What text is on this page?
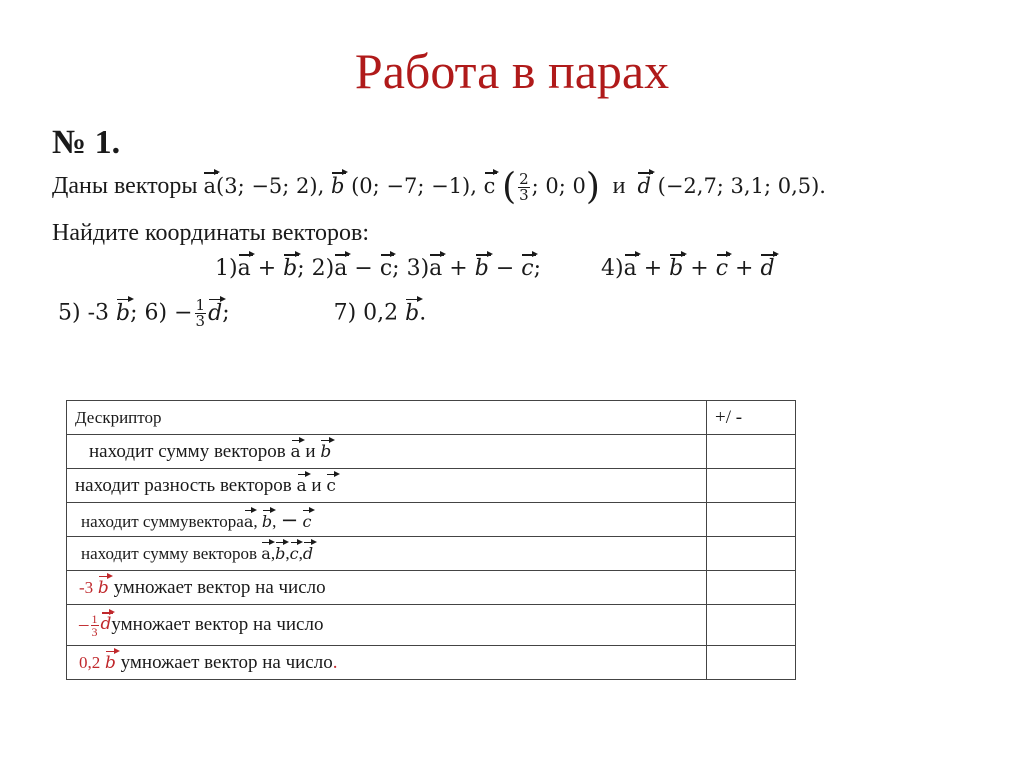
Работа в парах
№ 1.
Даны векторы a(3; −5; 2), b (0; −7; −1), c ( $\frac{2}{3}$ ; 0; 0) и d (−2,7; 3,1; 0,5).
Найдите координаты векторов:
1)a + b; 2)a − c; 3)a + b − c;	4)a + b + c + d
5) -3 b; $6) - \frac{1}{3} d$;	7) 0,2 b.
Дескриптор	+/ -
находит сумму векторов a и b	
находит разность векторов a и c	
находит суммувектораa, b, − c	
находит сумму векторов a,b,c,d	
-3 b умножает вектор на число	
– $\frac{1}{3}$ dумножает вектор на число	
0,2 b умножает вектор на число.	
